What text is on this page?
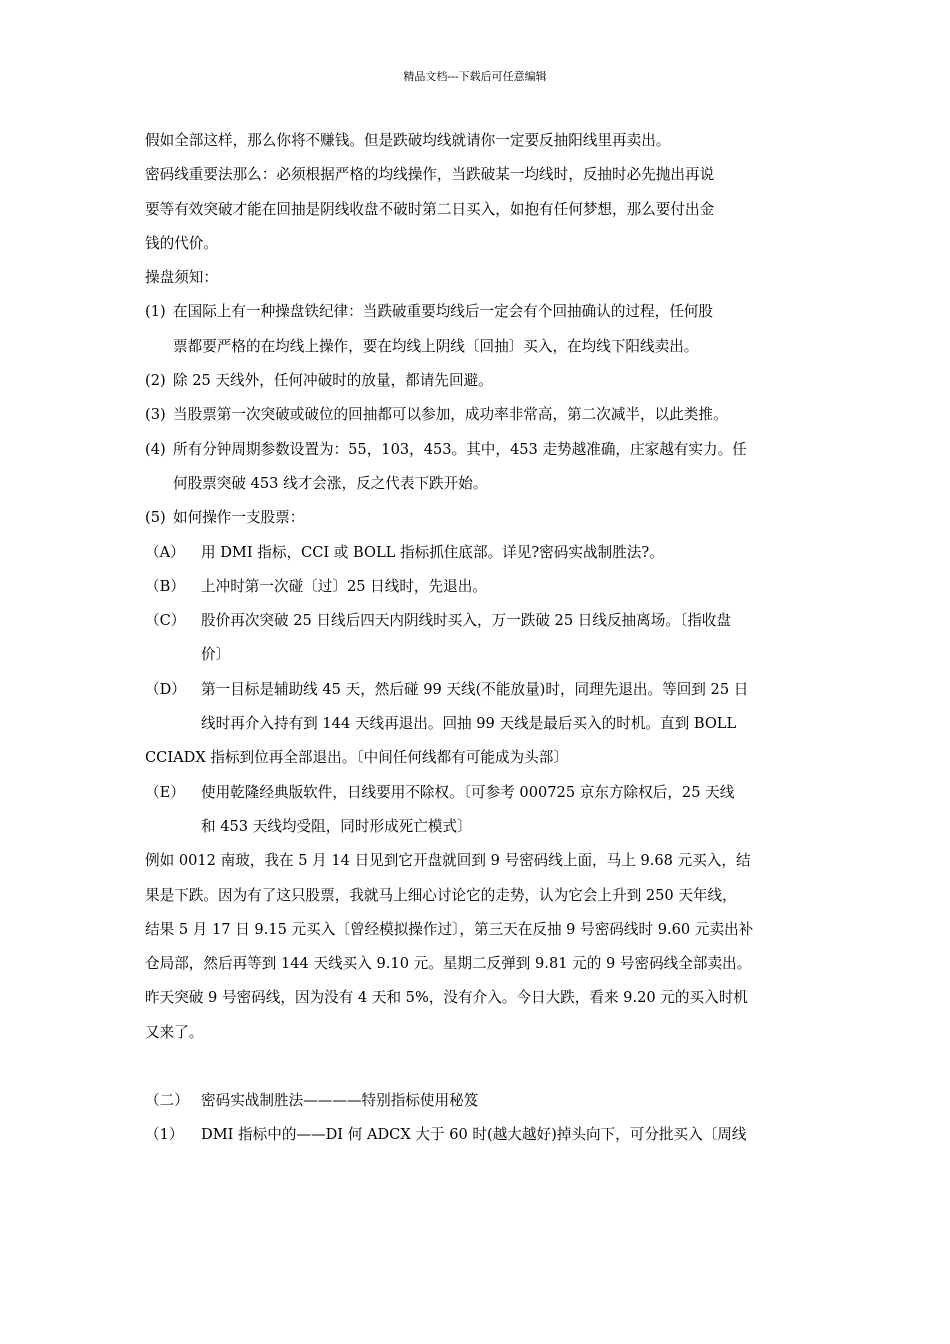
精品文档---下载后可任意编辑

假如全部这样，那么你将不赚钱。但是跌破均线就请你一定要反抽阳线里再卖出。

密码线重要法那么：必须根据严格的均线操作，当跌破某一均线时，反抽时必先抛出再说

要等有效突破才能在回抽是阴线收盘不破时第二日买入，如抱有任何梦想，那么要付出金

钱的代价。

操盘须知：

(1) 在国际上有一种操盘铁纪律：当跌破重要均线后一定会有个回抽确认的过程，任何股

票都要严格的在均线上操作，要在均线上阴线〔回抽〕买入，在均线下阳线卖出。

(2) 除 25 天线外，任何冲破时的放量，都请先回避。
(3) 当股票第一次突破或破位的回抽都可以参加，成功率非常高，第二次减半，以此类推。
(4) 所有分钟周期参数设置为：55，103，453。其中，453 走势越准确，庄家越有实力。任

何股票突破 453 线才会涨，反之代表下跌开始。

(5) 如何操作一支股票：
（A）	用 DMI 指标，CCI 或 BOLL 指标抓住底部。详见?密码实战制胜法?。
（B）	上冲时第一次碰〔过〕25 日线时，先退出。
（C）	股价再次突破 25 日线后四天内阴线时买入，万一跌破 25 日线反抽离场。〔指收盘

价〕

（D）	第一目标是辅助线 45 天，然后碰 99 天线(不能放量)时，同理先退出。等回到 25 日

线时再介入持有到 144 天线再退出。回抽 99 天线是最后买入的时机。直到 BOLL

CCIADX 指标到位再全部退出。〔中间任何线都有可能成为头部〕

（E）	使用乾隆经典版软件，日线要用不除权。〔可参考 000725 京东方除权后，25 天线

和 453 天线均受阻，同时形成死亡模式〕

例如 0012 南玻，我在 5 月 14 日见到它开盘就回到 9 号密码线上面，马上 9.68 元买入，结

果是下跌。因为有了这只股票，我就马上细心讨论它的走势，认为它会上升到 250 天年线，

结果 5 月 17 日 9.15 元买入〔曾经模拟操作过〕，第三天在反抽 9 号密码线时 9.60 元卖出补

仓局部，然后再等到 144 天线买入 9.10 元。星期二反弹到 9.81 元的 9 号密码线全部卖出。

昨天突破 9 号密码线，因为没有 4 天和 5%，没有介入。今日大跌，看来 9.20 元的买入时机

又来了。

（二） 密码实战制胜法————特别指标使用秘笈
（1）	DMI 指标中的——DI 何 ADCX 大于 60 时(越大越好)掉头向下，可分批买入〔周线
